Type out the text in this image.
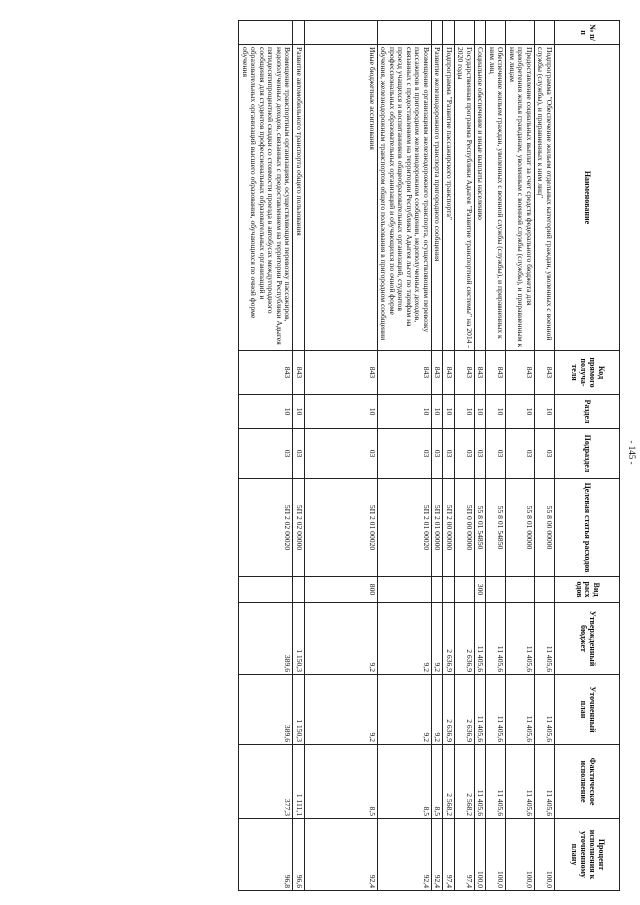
- 145 -
№ п/п	Наименование	Код прямого получа-теля	Раздел	Подраздел	Целевая статья расходов	Вид расх одов	Утвержденный бюджет	Уточненный план	Фактическое исполнение	Процент исполнения к уточненному плану
	Подпрограмма "Обеспечение жильем отдельных категорий граждан, уволенных с военной службы (службы), и приравненных к ним лиц"	843	10	03	55 8 00 00000		11 405,6	11 405,6	11 405,6	100,0
	Предоставление социальных выплат за счет средств федерального бюджета для приобретения жилья гражданам, уволенным с военной службы (службы), и приравненным к ним лицам	843	10	03	55 8 01 00000		11 405,6	11 405,6	11 405,6	100,0
	Обеспечение жильем граждан, уволенных с военной службы (службы), и приравненных к ним лиц	843	10	03	55 8 01 54850		11 405,6	11 405,6	11 405,6	100,0
	Социальное обеспечение и иные выплаты населению	843	10	03	55 8 01 54850	300	11 405,6	11 405,6	11 405,6	100,0
	Государственная программа Республики Адыгея "Развитие транспортной системы" на 2014 - 2020 годы	843	10	03	5П 0 00 00000		2 636,9	2 636,9	2 568,2	97,4
	Подпрограмма "Развитие пассажирского транспорта"	843	10	03	5П 2 00 00000		2 636,9	2 636,9	2 568,2	97,4
	Развитие железнодорожного транспорта пригородного сообщения	843	10	03	5П 2 01 00000		9,2	9,2	8,5	92,4
	Возмещение организациям железнодорожного транспорта, осуществляющим перевозку пассажиров в пригородном железнодорожном сообщении, недополученных доходов, связанных с предоставлением на территории Республики Адыгея льгот по тарифам на проезд учащихся и воспитанников общеобразовательных организаций, студентов профессиональных образовательных организаций и обучающихся по очной форме обучения, железнодорожным транспортом общего пользования в пригородном сообщении	843	10	03	5П 2 01 00020		9,2	9,2	8,5	92,4
	Иные бюджетные ассигнования	843	10	03	5П 2 01 00020	800	9,2	9,2	8,5	92,4
	Развитие автомобильного транспорта общего пользования	843	10	03	5П 2 02 00000		1 150,3	1 150,3	1 111,1	96,6
	Возмещение транспортным организациям, осуществляющим перевозку пассажиров, недополученных доходов, связанных с предоставлением на территории Республики Адыгея пятидесятипроцентной скидки со стоимости проезда в автобусах междугородного сообщения для студентов профессиональных образовательных организаций и образовательных организаций высшего образования, обучающихся по очной форме обучения	843	10	03	5П 2 02 00020		389,6	389,6	377,3	96,8
